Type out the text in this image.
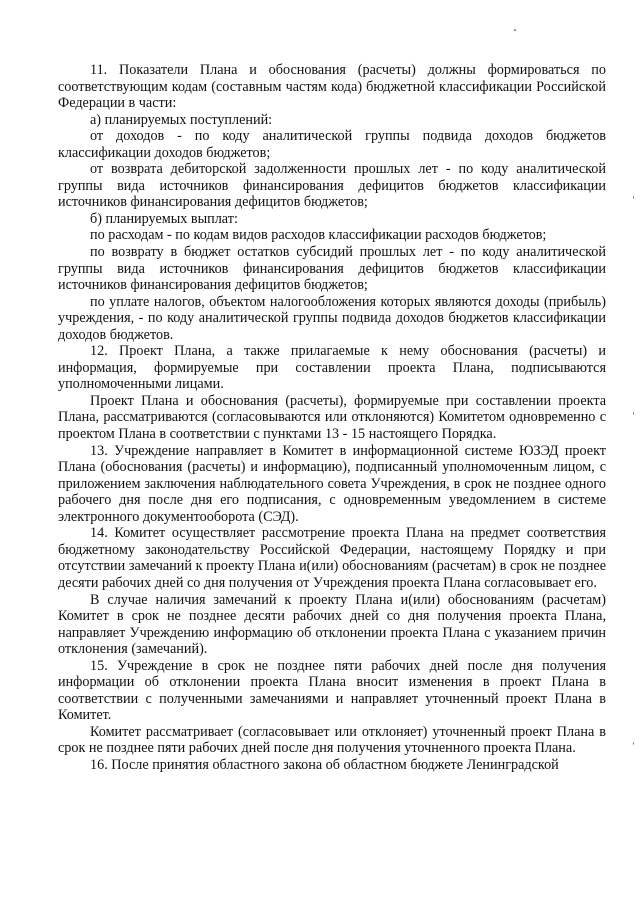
11. Показатели Плана и обоснования (расчеты) должны формироваться по соответствующим кодам (составным частям кода) бюджетной классификации Российской Федерации в части:

а) планируемых поступлений:

от доходов - по коду аналитической группы подвида доходов бюджетов классификации доходов бюджетов;

от возврата дебиторской задолженности прошлых лет - по коду аналитической группы вида источников финансирования дефицитов бюджетов классификации источников финансирования дефицитов бюджетов;

б) планируемых выплат:

по расходам - по кодам видов расходов классификации расходов бюджетов;

по возврату в бюджет остатков субсидий прошлых лет - по коду аналитической группы вида источников финансирования дефицитов бюджетов классификации источников финансирования дефицитов бюджетов;

по уплате налогов, объектом налогообложения которых являются доходы (прибыль) учреждения, - по коду аналитической группы подвида доходов бюджетов классификации доходов бюджетов.

12. Проект Плана, а также прилагаемые к нему обоснования (расчеты) и информация, формируемые при составлении проекта Плана, подписываются уполномоченными лицами.

Проект Плана и обоснования (расчеты), формируемые при составлении проекта Плана, рассматриваются (согласовываются или отклоняются) Комитетом одновременно с проектом Плана в соответствии с пунктами 13 - 15 настоящего Порядка.

13. Учреждение направляет в Комитет в информационной системе ЮЗЭД проект Плана (обоснования (расчеты) и информацию), подписанный уполномоченным лицом, с приложением заключения наблюдательного совета Учреждения, в срок не позднее одного рабочего дня после дня его подписания, с одновременным уведомлением в системе электронного документооборота (СЭД).

14. Комитет осуществляет рассмотрение проекта Плана на предмет соответствия бюджетному законодательству Российской Федерации, настоящему Порядку и при отсутствии замечаний к проекту Плана и(или) обоснованиям (расчетам) в срок не позднее десяти рабочих дней со дня получения от Учреждения проекта Плана согласовывает его.

В случае наличия замечаний к проекту Плана и(или) обоснованиям (расчетам) Комитет в срок не позднее десяти рабочих дней со дня получения проекта Плана, направляет Учреждению информацию об отклонении проекта Плана с указанием причин отклонения (замечаний).

15. Учреждение в срок не позднее пяти рабочих дней после дня получения информации об отклонении проекта Плана вносит изменения в проект Плана в соответствии с полученными замечаниями и направляет уточненный проект Плана в Комитет.

Комитет рассматривает (согласовывает или отклоняет) уточненный проект Плана в срок не позднее пяти рабочих дней после дня получения уточненного проекта Плана.

16. После принятия областного закона об областном бюджете Ленинградской
